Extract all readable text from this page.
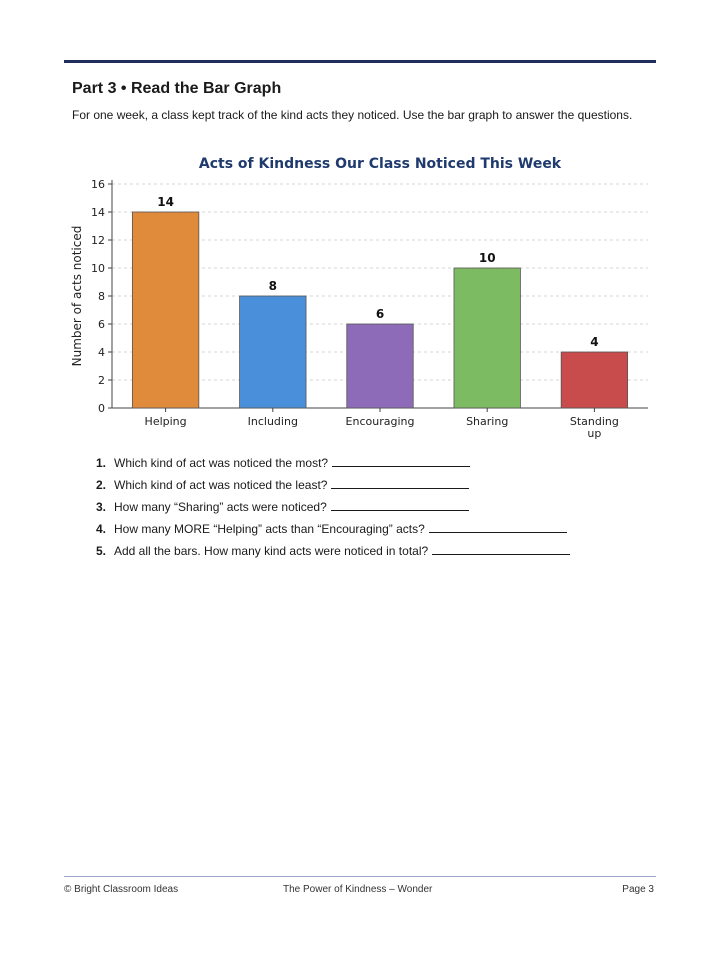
Part 3 • Read the Bar Graph

For one week, a class kept track of the kind acts they noticed. Use the bar graph to answer the questions.

Acts of Kindness Our Class Noticed This Week
0
2
4
6
8
10
12
14
16
Number of acts noticed
14
Helping
8
Including
6
Encouraging
10
Sharing
4
Standing up
1. Which kind of act was noticed the most?
2. Which kind of act was noticed the least?
3. How many “Sharing” acts were noticed?
4. How many MORE “Helping” acts than “Encouraging” acts?
5. Add all the bars. How many kind acts were noticed in total?
© Bright Classroom Ideas	The Power of Kindness – Wonder	Page 3
